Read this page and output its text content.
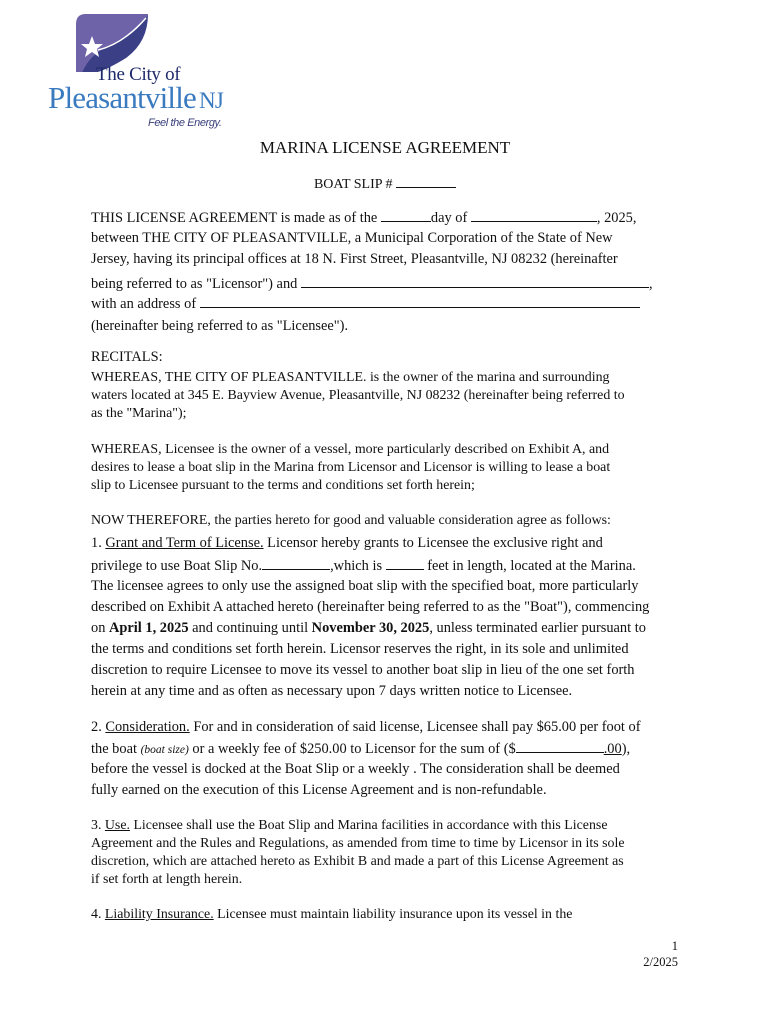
The City of
Pleasantville NJ
Feel the Energy.
MARINA LICENSE AGREEMENT
BOAT SLIP #
THIS LICENSE AGREEMENT is made as of the	day of	, 2025,
between THE CITY OF PLEASANTVILLE, a Municipal Corporation of the State of New
Jersey, having its principal offices at 18 N. First Street, Pleasantville, NJ 08232 (hereinafter
being referred to as "Licensor") and	,
with an address of
(hereinafter being referred to as "Licensee").
RECITALS:
WHEREAS, THE CITY OF PLEASANTVILLE. is the owner of the marina and surrounding
waters located at 345 E. Bayview Avenue, Pleasantville, NJ 08232 (hereinafter being referred to
as the "Marina");
WHEREAS, Licensee is the owner of a vessel, more particularly described on Exhibit A, and
desires to lease a boat slip in the Marina from Licensor and Licensor is willing to lease a boat
slip to Licensee pursuant to the terms and conditions set forth herein;
NOW THEREFORE, the parties hereto for good and valuable consideration agree as follows:
1. Grant and Term of License. Licensor hereby grants to Licensee the exclusive right and
privilege to use Boat Slip No.	,which is	feet in length, located at the Marina.
The licensee agrees to only use the assigned boat slip with the specified boat, more particularly
described on Exhibit A attached hereto (hereinafter being referred to as the "Boat"), commencing
on April 1, 2025 and continuing until November 30, 2025, unless terminated earlier pursuant to
the terms and conditions set forth herein. Licensor reserves the right, in its sole and unlimited
discretion to require Licensee to move its vessel to another boat slip in lieu of the one set forth
herein at any time and as often as necessary upon 7 days written notice to Licensee.
2. Consideration. For and in consideration of said license, Licensee shall pay $65.00 per foot of
the boat (boat size) or a weekly fee of $250.00 to Licensor for the sum of ($	.00),
before the vessel is docked at the Boat Slip or a weekly . The consideration shall be deemed
fully earned on the execution of this License Agreement and is non-refundable.
3. Use. Licensee shall use the Boat Slip and Marina facilities in accordance with this License
Agreement and the Rules and Regulations, as amended from time to time by Licensor in its sole
discretion, which are attached hereto as Exhibit B and made a part of this License Agreement as
if set forth at length herein.
4. Liability Insurance. Licensee must maintain liability insurance upon its vessel in the
1
2/2025
